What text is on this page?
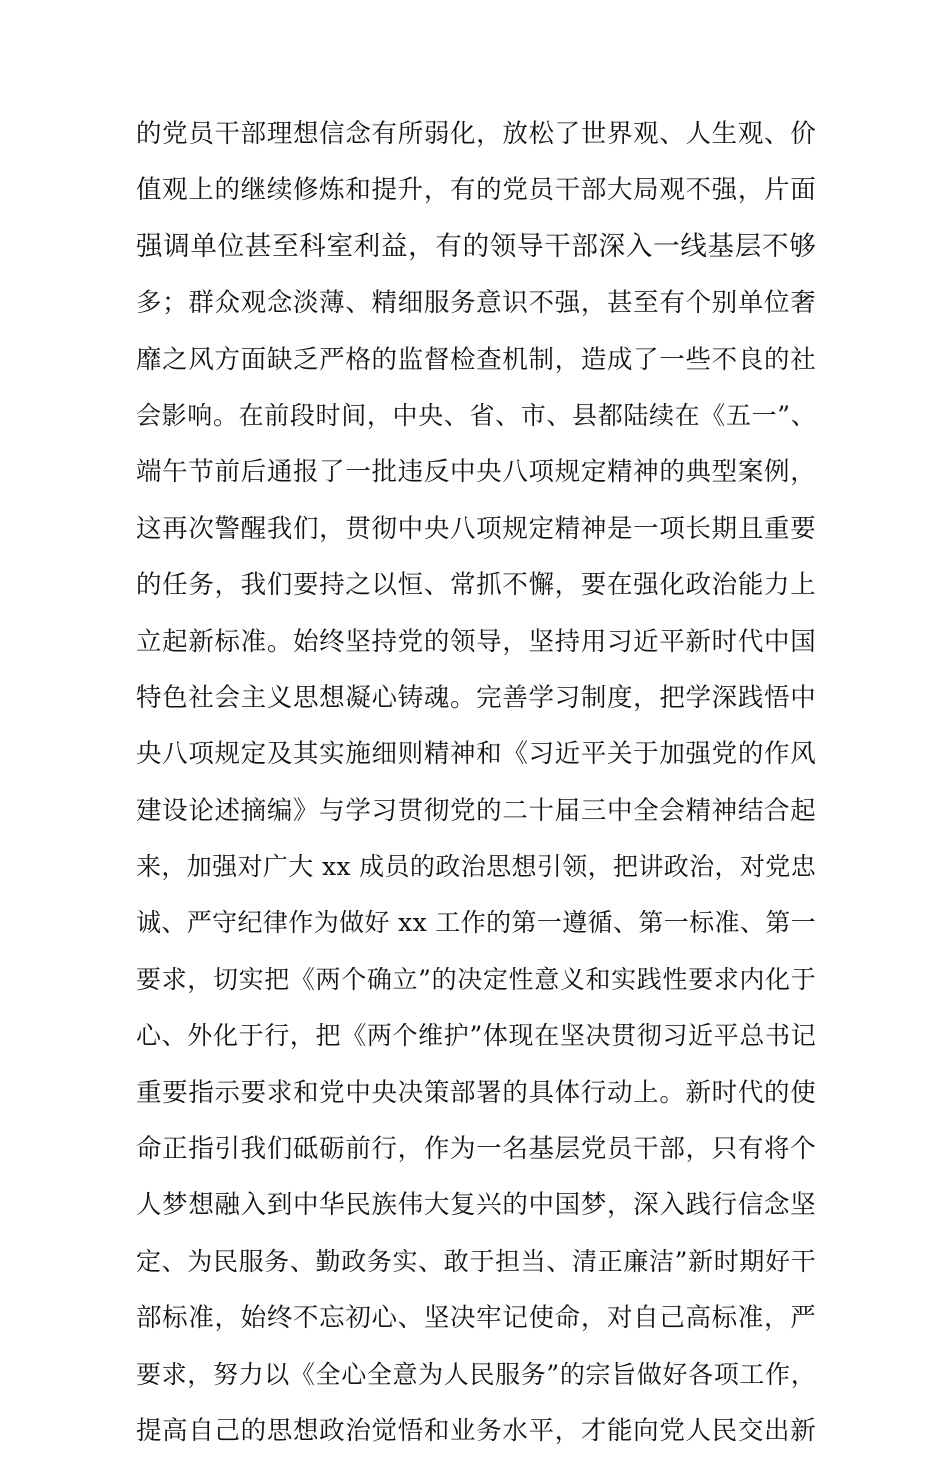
的党员干部理想信念有所弱化，放松了世界观、人生观、价
值观上的继续修炼和提升，有的党员干部大局观不强，片面
强调单位甚至科室利益，有的领导干部深入一线基层不够
多；群众观念淡薄、精细服务意识不强，甚至有个别单位奢
靡之风方面缺乏严格的监督检查机制，造成了一些不良的社
会影响。在前段时间，中央、省、市、县都陆续在《五一”、
端午节前后通报了一批违反中央八项规定精神的典型案例，
这再次警醒我们，贯彻中央八项规定精神是一项长期且重要
的任务，我们要持之以恒、常抓不懈，要在强化政治能力上
立起新标准。始终坚持党的领导，坚持用习近平新时代中国
特色社会主义思想凝心铸魂。完善学习制度，把学深践悟中
央八项规定及其实施细则精神和《习近平关于加强党的作风
建设论述摘编》与学习贯彻党的二十届三中全会精神结合起
来，加强对广大 xx 成员的政治思想引领，把讲政治，对党忠
诚、严守纪律作为做好 xx 工作的第一遵循、第一标准、第一
要求，切实把《两个确立”的决定性意义和实践性要求内化于
心、外化于行，把《两个维护”体现在坚决贯彻习近平总书记
重要指示要求和党中央决策部署的具体行动上。新时代的使
命正指引我们砥砺前行，作为一名基层党员干部，只有将个
人梦想融入到中华民族伟大复兴的中国梦，深入践行信念坚
定、为民服务、勤政务实、敢于担当、清正廉洁”新时期好干
部标准，始终不忘初心、坚决牢记使命，对自己高标准，严
要求，努力以《全心全意为人民服务”的宗旨做好各项工作，
提高自己的思想政治觉悟和业务水平，才能向党人民交出新
